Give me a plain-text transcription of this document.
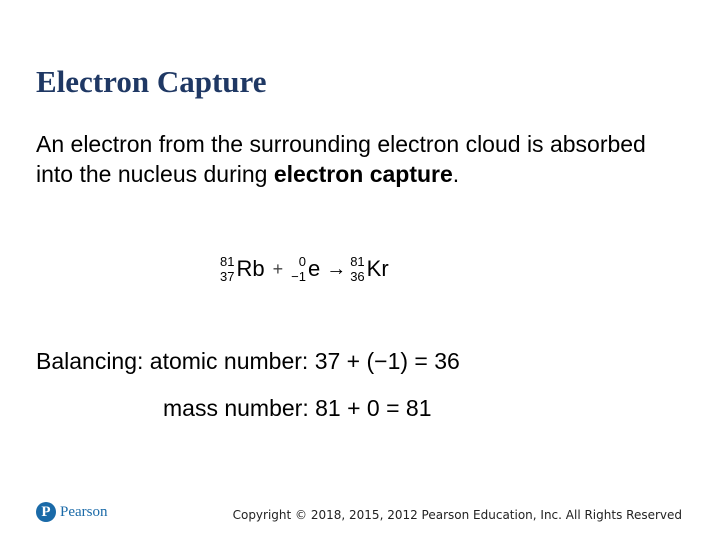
Electron Capture
An electron from the surrounding electron cloud is absorbed into the nucleus during electron capture.
81
37 Rb + 0
−1 e → 81
36 Kr
Balancing: atomic number: 37 + (−1) = 36
mass number: 81 + 0 = 81
P Pearson	Copyright © 2018, 2015, 2012 Pearson Education, Inc. All Rights Reserved
